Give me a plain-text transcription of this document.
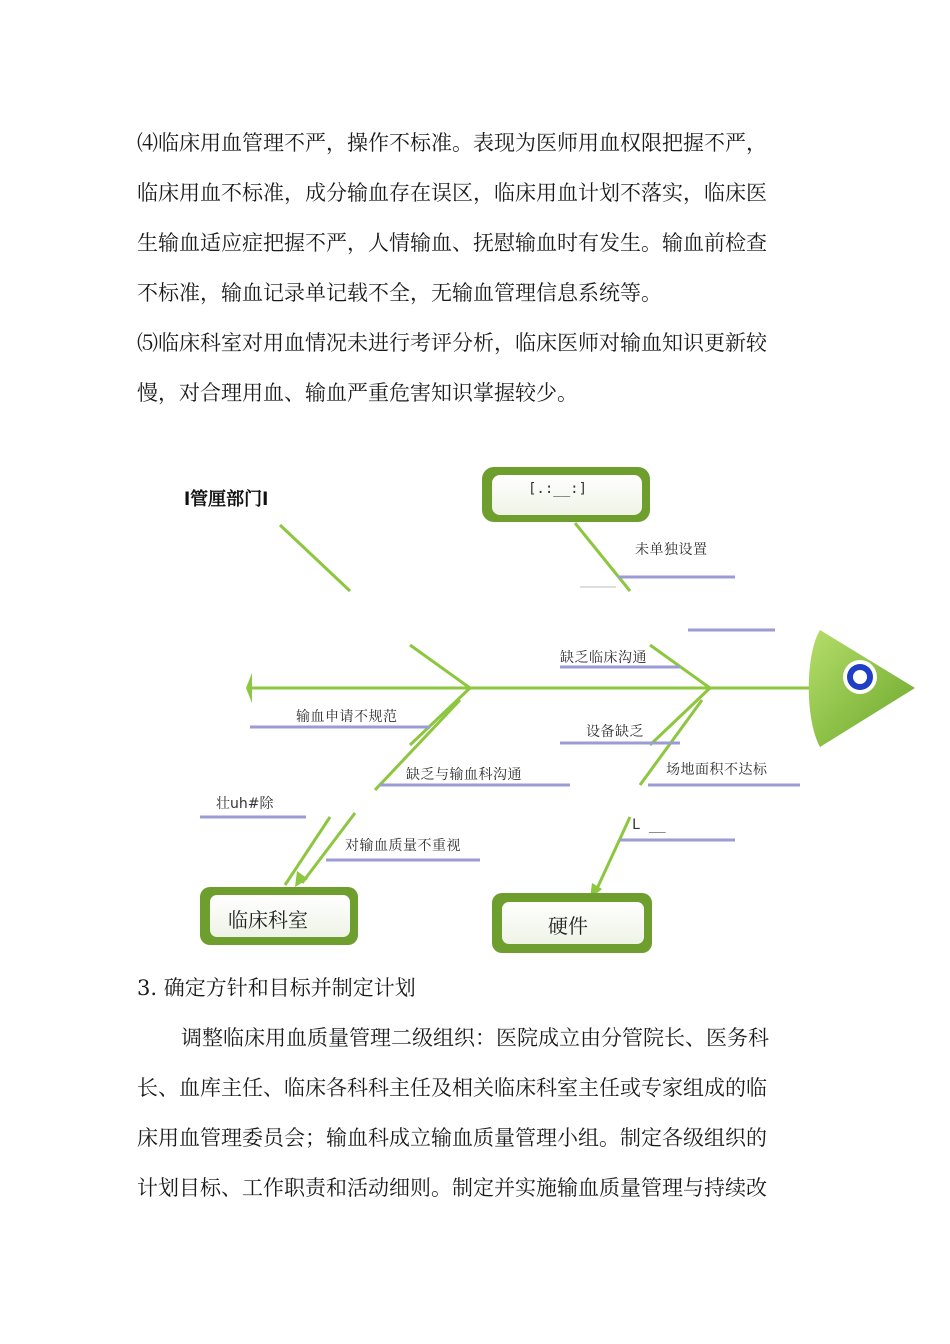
⑷临床用血管理不严，操作不标准。表现为医师用血权限把握不严，
临床用血不标准，成分输血存在误区，临床用血计划不落实，临床医
生输血适应症把握不严，人情输血、抚慰输血时有发生。输血前检查
不标准，输血记录单记载不全，无输血管理信息系统等。
⑸临床科室对用血情况未进行考评分析，临床医师对输血知识更新较
慢，对合理用血、输血严重危害知识掌握较少。
l管厘部门l	[.:__:]
未单独设置
缺乏临床沟通
输血申请不规范
设备缺乏
缺乏与输血科沟通	场地面积不达标
壮uh#除
对输血质量不重视
L __
临床科室	硬件
3. 确定方针和目标并制定计划
调整临床用血质量管理二级组织：医院成立由分管院长、医务科
长、血库主任、临床各科科主任及相关临床科室主任或专家组成的临
床用血管理委员会；输血科成立输血质量管理小组。制定各级组织的
计划目标、工作职责和活动细则。制定并实施输血质量管理与持续改
